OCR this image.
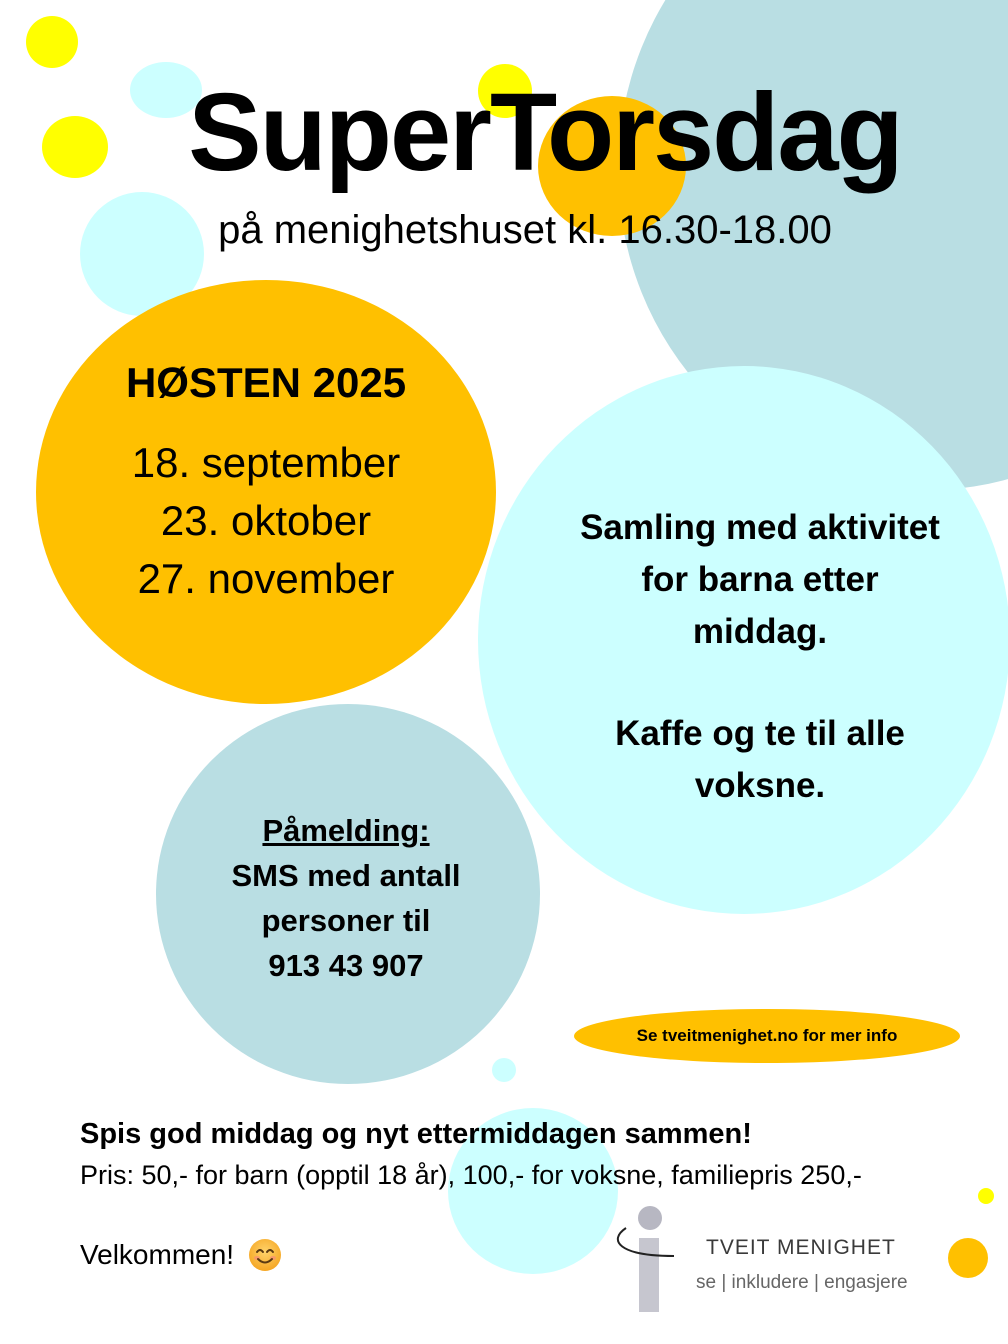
SuperTorsdag
på menighetshuset kl. 16.30-18.00
HØSTEN 2025
18. september
23. oktober
27. november
Samling med aktivitet
for barna etter
middag.
Kaffe og te til alle
voksne.
Påmelding:
SMS med antall
personer til
913 43 907
Se tveitmenighet.no for mer info
Spis god middag og nyt ettermiddagen sammen!
Pris: 50,- for barn (opptil 18 år), 100,- for voksne, familiepris 250,-
Velkommen!	TVEIT MENIGHET
se | inkludere | engasjere
